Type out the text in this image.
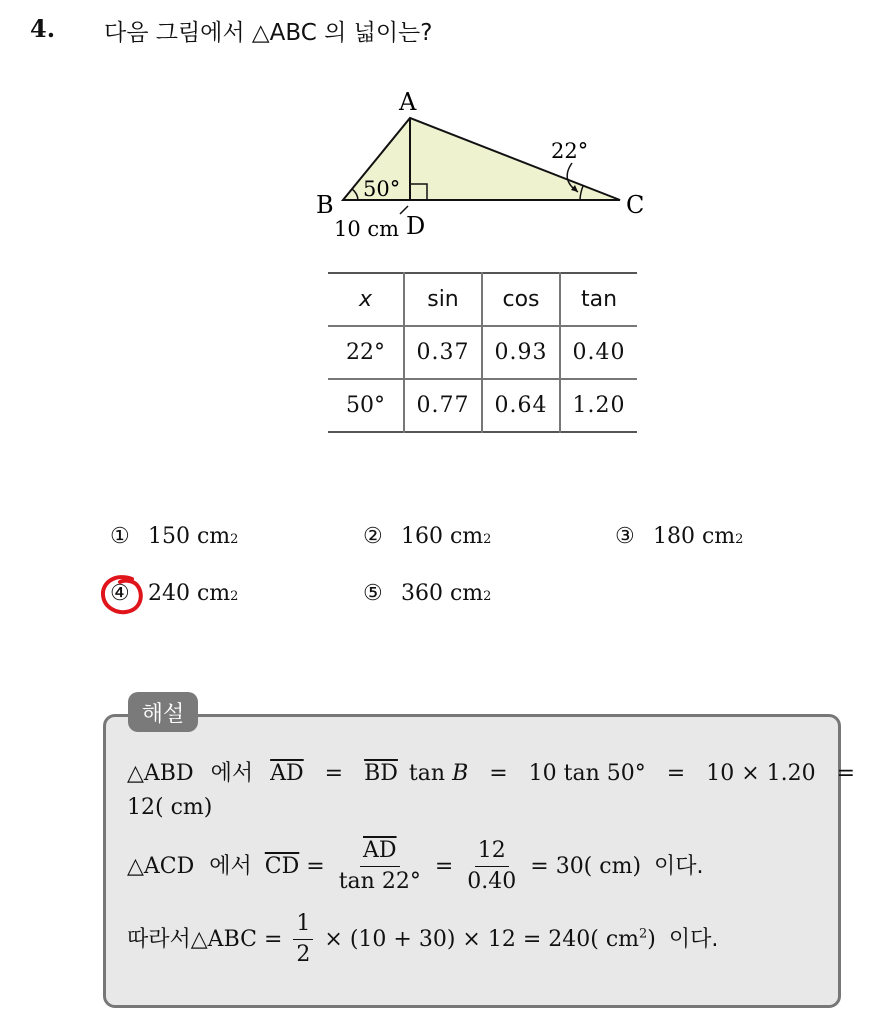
4. 다음 그림에서 △ABC 의 넓이는?
A
B	C
D
50°
22°
10 cm
x	sin	cos	tan
22°	0.37	0.93	0.40
50°	0.77	0.64	1.20
① 150 cm 2	② 160 cm 2	③ 180 cm 2
④ 240 cm 2	⑤ 360 cm 2
해설
△ABD 에서 $\overline{AD} = \overline{BD}$ tan B = 10 tan 50° = 10 × 1.20 =
12( cm)
△ACD 에서 $\overline{CD} = \frac{\overline{AD}}{\tan 22^\circ} = \frac{12}{0.40} = 30$( cm) 이다.
따라서△ABC = $\frac{1}{2} \times (10 + 30) \times 12 = 240$( $cm^2$) 이다.
